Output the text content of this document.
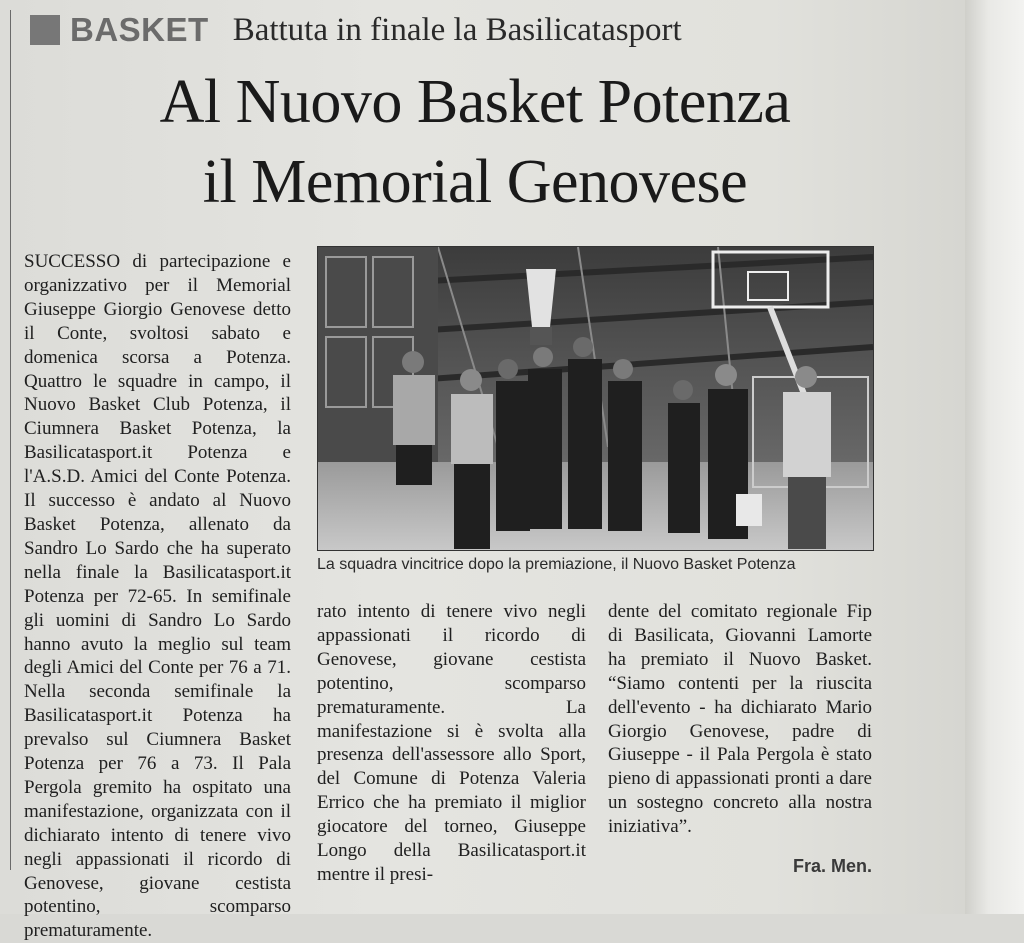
BASKET Battuta in finale la Basilicatasport
Al Nuovo Basket Potenza
il Memorial Genovese
SUCCESSO di partecipazione e organizzativo per il Memorial Giuseppe Giorgio Genovese detto il Conte, svoltosi sabato e domenica scorsa a Potenza. Quattro le squadre in campo, il Nuovo Basket Club Potenza, il Ciumnera Basket Potenza, la Basilicatasport.it Potenza e l'A.S.D. Amici del Conte Potenza. Il successo è andato al Nuovo Basket Potenza, allenato da Sandro Lo Sardo che ha superato nella finale la Basilicatasport.it Potenza per 72-65. In semifinale gli uomini di Sandro Lo Sardo hanno avuto la meglio sul team degli Amici del Conte per 76 a 71. Nella seconda semifinale la Basilicatasport.it Potenza ha prevalso sul Ciumnera Basket Potenza per 76 a 73. Il Pala Pergola gremito ha ospitato una manifestazione, organizzata con il dichiarato intento di tenere vivo negli appassionati il ricordo di Genovese, giovane cestista potentino, scomparso prematuramente.
La squadra vincitrice dopo la premiazione, il Nuovo Basket Potenza
rato intento di tenere vivo negli appassionati il ricordo di Genovese, giovane cestista potentino, scomparso prematuramente. La manifestazione si è svolta alla presenza dell'assessore allo Sport, del Comune di Potenza Valeria Errico che ha premiato il miglior giocatore del torneo, Giuseppe Longo della Basilicatasport.it mentre il presi-
dente del comitato regionale Fip di Basilicata, Giovanni Lamorte ha premiato il Nuovo Basket. “Siamo contenti per la riuscita dell'evento - ha dichiarato Mario Giorgio Genovese, padre di Giuseppe - il Pala Pergola è stato pieno di appassionati pronti a dare un sostegno concreto alla nostra iniziativa”.
Fra. Men.
